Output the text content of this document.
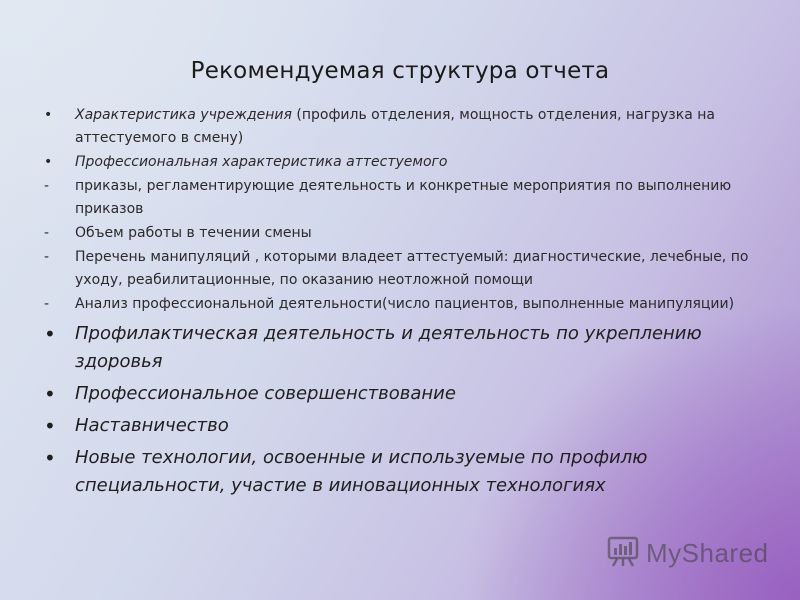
Рекомендуемая структура отчета
•	Характеристика учреждения (профиль отделения, мощность отделения, нагрузка на аттестуемого в смену)
•	Профессиональная характеристика аттестуемого
-	приказы, регламентирующие деятельность и конкретные мероприятия по выполнению приказов
-	Объем работы в течении смены
-	Перечень манипуляций , которыми владеет аттестуемый: диагностические, лечебные, по уходу, реабилитационные, по оказанию неотложной помощи
-	Анализ профессиональной деятельности(число пациентов, выполненные манипуляции)
•	Профилактическая деятельность и деятельность по укреплению здоровья
•	Профессиональное совершенствование
•	Наставничество
•	Новые технологии, освоенные и используемые по профилю специальности, участие в ииновационных технологиях
MyShared
